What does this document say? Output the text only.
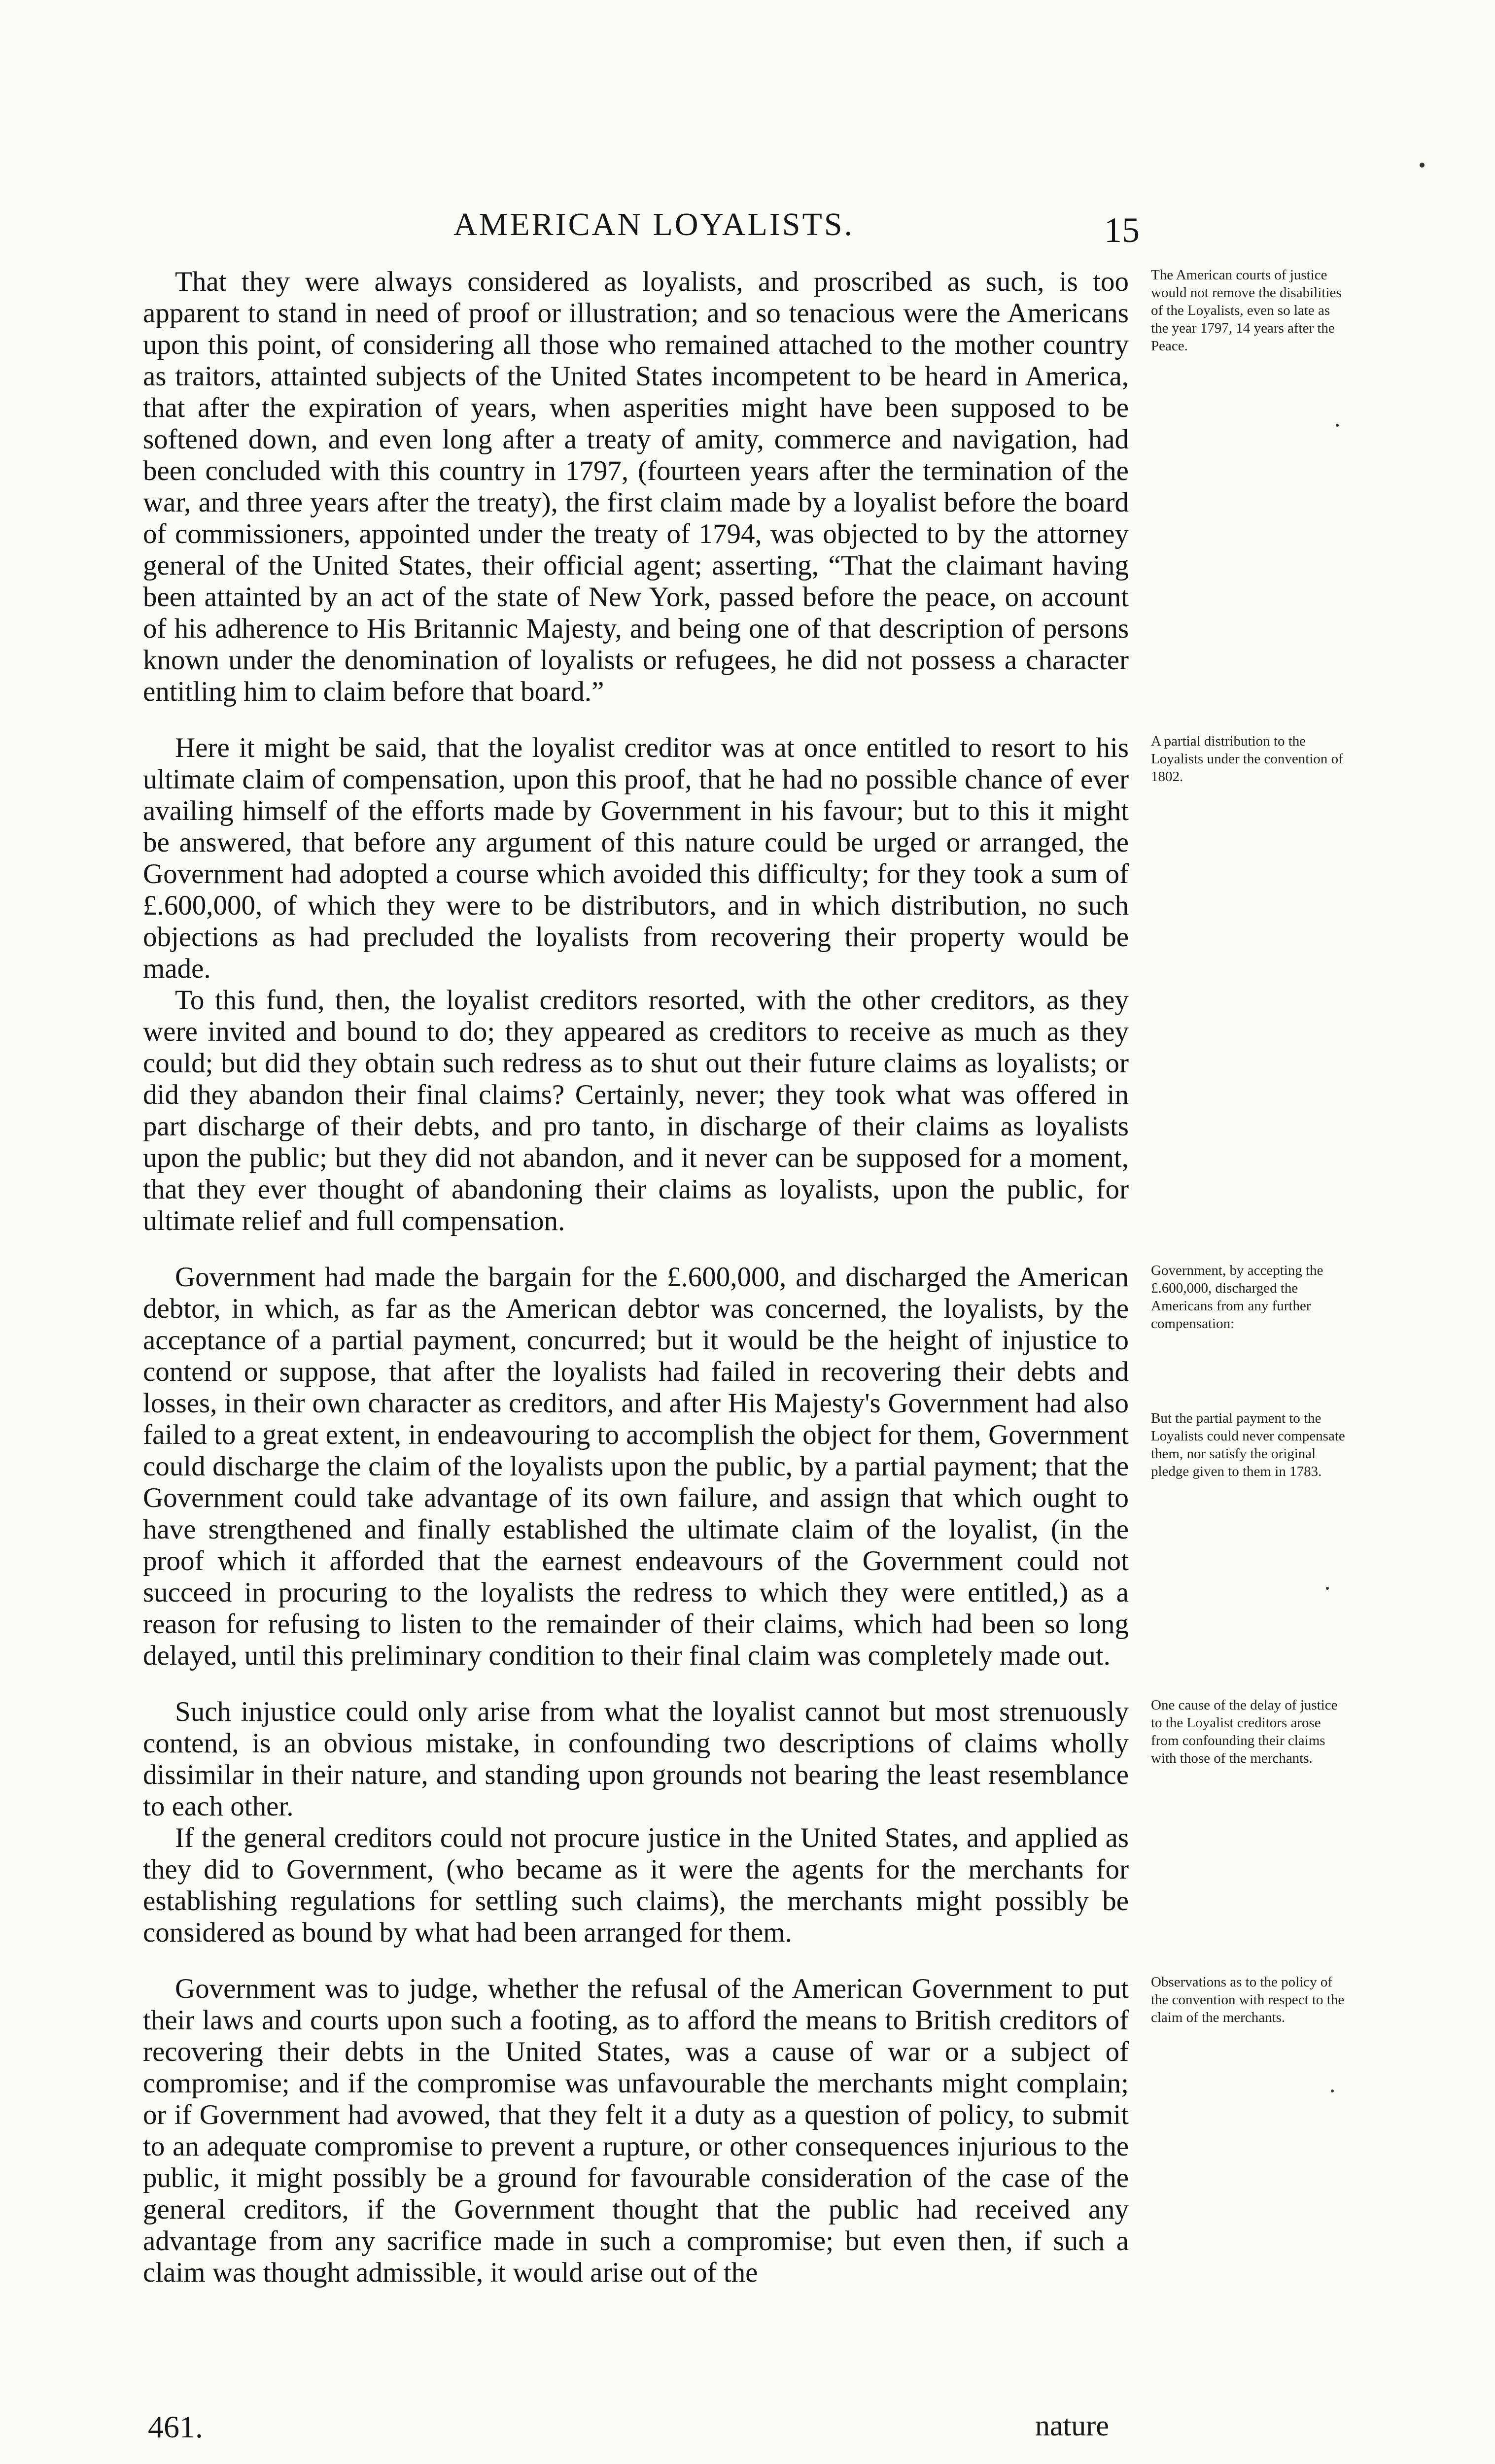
AMERICAN LOYALISTS.	15

That they were always considered as loyalists, and proscribed as such, is too apparent to stand in need of proof or illustration; and so tenacious were the Americans upon this point, of considering all those who remained attached to the mother country as traitors, attainted subjects of the United States incompetent to be heard in America, that after the expiration of years, when asperities might have been supposed to be softened down, and even long after a treaty of amity, commerce and navigation, had been concluded with this country in 1797, (fourteen years after the termination of the war, and three years after the treaty), the first claim made by a loyalist before the board of commissioners, appointed under the treaty of 1794, was objected to by the attorney general of the United States, their official agent; asserting, “That the claimant having been attainted by an act of the state of New York, passed before the peace, on account of his adherence to His Britannic Majesty, and being one of that description of persons known under the denomination of loyalists or refugees, he did not possess a character entitling him to claim before that board.”

The American courts of justice would not remove the disabilities of the Loyalists, even so late as the year 1797, 14 years after the Peace.

Here it might be said, that the loyalist creditor was at once entitled to resort to his ultimate claim of compensation, upon this proof, that he had no possible chance of ever availing himself of the efforts made by Government in his favour; but to this it might be answered, that before any argument of this nature could be urged or arranged, the Government had adopted a course which avoided this difficulty; for they took a sum of £.600,000, of which they were to be distributors, and in which distribution, no such objections as had precluded the loyalists from recovering their property would be made.

To this fund, then, the loyalist creditors resorted, with the other creditors, as they were invited and bound to do; they appeared as creditors to receive as much as they could; but did they obtain such redress as to shut out their future claims as loyalists; or did they abandon their final claims? Certainly, never; they took what was offered in part discharge of their debts, and pro tanto, in discharge of their claims as loyalists upon the public; but they did not abandon, and it never can be supposed for a moment, that they ever thought of abandoning their claims as loyalists, upon the public, for ultimate relief and full compensation.

A partial distribution to the Loyalists under the convention of 1802.

Government had made the bargain for the £.600,000, and discharged the American debtor, in which, as far as the American debtor was concerned, the loyalists, by the acceptance of a partial payment, concurred; but it would be the height of injustice to contend or suppose, that after the loyalists had failed in recovering their debts and losses, in their own character as creditors, and after His Majesty's Government had also failed to a great extent, in endeavouring to accomplish the object for them, Government could discharge the claim of the loyalists upon the public, by a partial payment; that the Government could take advantage of its own failure, and assign that which ought to have strengthened and finally established the ultimate claim of the loyalist, (in the proof which it afforded that the earnest endeavours of the Government could not succeed in procuring to the loyalists the redress to which they were entitled,) as a reason for refusing to listen to the remainder of their claims, which had been so long delayed, until this preliminary condition to their final claim was completely made out.

Government, by accepting the £.600,000, discharged the Americans from any further compensation:
But the partial payment to the Loyalists could never compensate them, nor satisfy the original pledge given to them in 1783.

Such injustice could only arise from what the loyalist cannot but most strenuously contend, is an obvious mistake, in confounding two descriptions of claims wholly dissimilar in their nature, and standing upon grounds not bearing the least resemblance to each other.

If the general creditors could not procure justice in the United States, and applied as they did to Government, (who became as it were the agents for the merchants for establishing regulations for settling such claims), the merchants might possibly be considered as bound by what had been arranged for them.

One cause of the delay of justice to the Loyalist creditors arose from confounding their claims with those of the merchants.

Government was to judge, whether the refusal of the American Government to put their laws and courts upon such a footing, as to afford the means to British creditors of recovering their debts in the United States, was a cause of war or a subject of compromise; and if the compromise was unfavourable the merchants might complain; or if Government had avowed, that they felt it a duty as a question of policy, to submit to an adequate compromise to prevent a rupture, or other consequences injurious to the public, it might possibly be a ground for favourable consideration of the case of the general creditors, if the Government thought that the public had received any advantage from any sacrifice made in such a compromise; but even then, if such a claim was thought admissible, it would arise out of the

Observations as to the policy of the convention with respect to the claim of the merchants.
461.	nature
